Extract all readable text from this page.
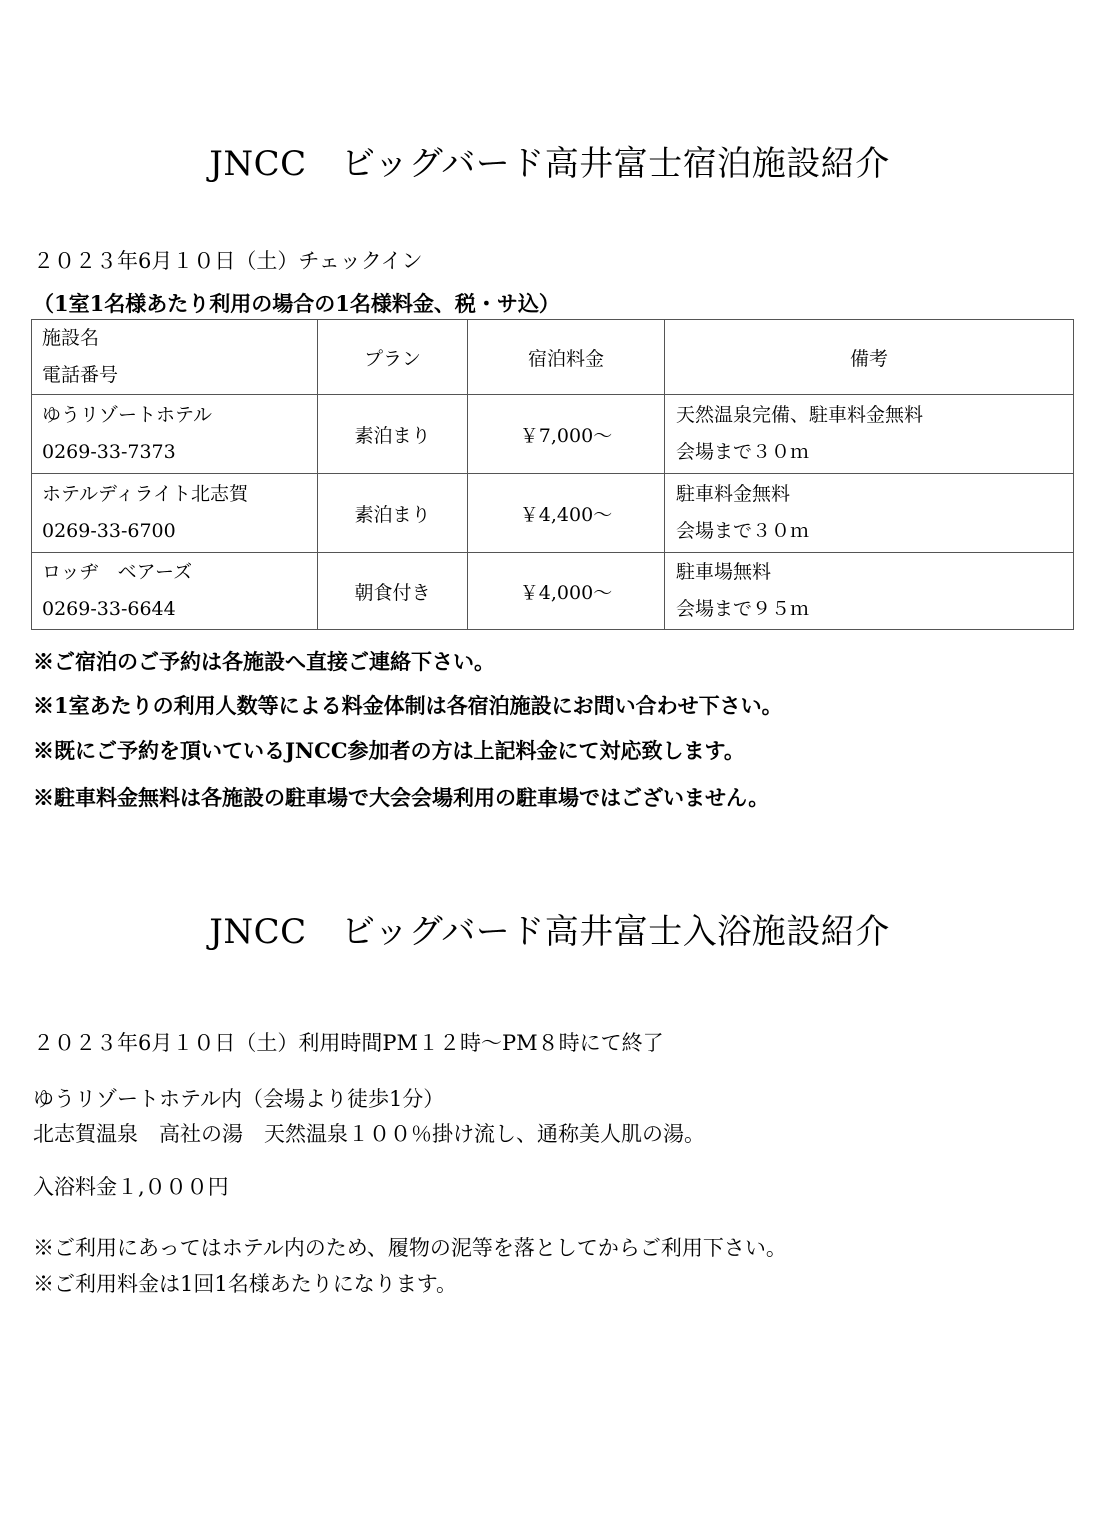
JNCC　ビッグバード高井富士宿泊施設紹介
２０２３年6月１０日（土）チェックイン
（1室1名様あたり利用の場合の1名様料金、税・サ込）
施設名
電話番号	プラン	宿泊料金	備考

ゆうリゾートホテル
0269-33-7373	素泊まり	￥7,000～	天然温泉完備、駐車料金無料
会場まで３０ｍ

ホテルディライト北志賀
0269-33-6700	素泊まり	￥4,400～	駐車料金無料
会場まで３０ｍ

ロッヂ　ベアーズ
0269-33-6644	朝食付き	￥4,000～	駐車場無料
会場まで９５ｍ
※ご宿泊のご予約は各施設へ直接ご連絡下さい。
※1室あたりの利用人数等による料金体制は各宿泊施設にお問い合わせ下さい。
※既にご予約を頂いているJNCC参加者の方は上記料金にて対応致します。
※駐車料金無料は各施設の駐車場で大会会場利用の駐車場ではございません。
JNCC　ビッグバード高井富士入浴施設紹介
２０２３年6月１０日（土）利用時間PM１２時～PM８時にて終了
ゆうリゾートホテル内（会場より徒歩1分）
北志賀温泉　高社の湯　天然温泉１００％掛け流し、通称美人肌の湯。
入浴料金１,０００円
※ご利用にあってはホテル内のため、履物の泥等を落としてからご利用下さい。
※ご利用料金は1回1名様あたりになります。
